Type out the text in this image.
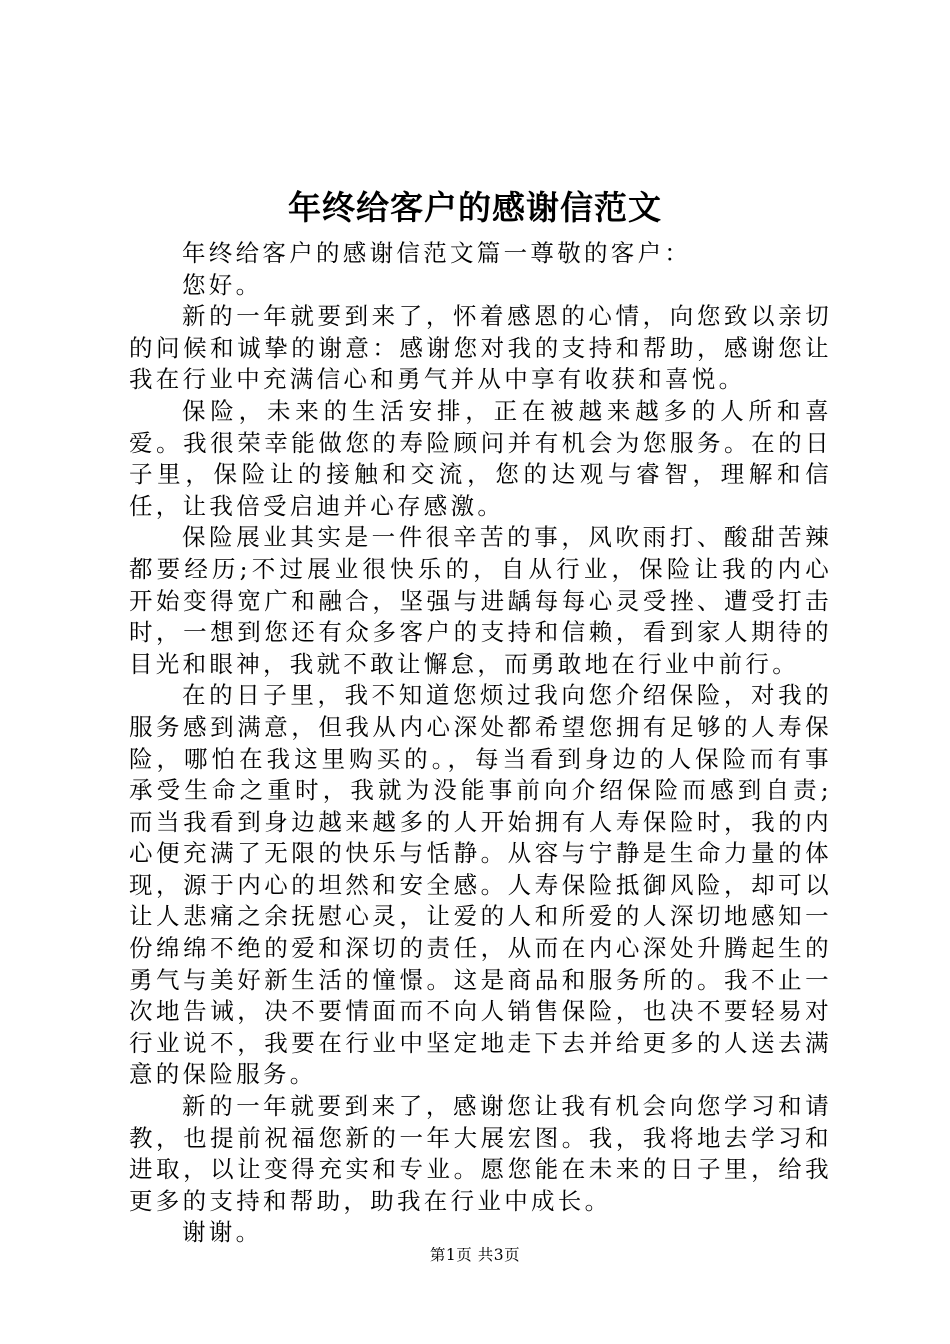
年终给客户的感谢信范文

年终给客户的感谢信范文篇一尊敬的客户：

您好。

新的一年就要到来了，怀着感恩的心情，向您致以亲切的问候和诚挚的谢意：感谢您对我的支持和帮助，感谢您让我在行业中充满信心和勇气并从中享有收获和喜悦。

保险，未来的生活安排，正在被越来越多的人所和喜爱。我很荣幸能做您的寿险顾问并有机会为您服务。在的日子里，保险让的接触和交流，您的达观与睿智，理解和信任，让我倍受启迪并心存感激。

保险展业其实是一件很辛苦的事，风吹雨打、酸甜苦辣都要经历;不过展业很快乐的，自从行业，保险让我的内心开始变得宽广和融合，坚强与进龋每每心灵受挫、遭受打击时，一想到您还有众多客户的支持和信赖，看到家人期待的目光和眼神，我就不敢让懈怠，而勇敢地在行业中前行。

在的日子里，我不知道您烦过我向您介绍保险，对我的服务感到满意，但我从内心深处都希望您拥有足够的人寿保险，哪怕在我这里购买的。，每当看到身边的人保险而有事承受生命之重时，我就为没能事前向介绍保险而感到自责;而当我看到身边越来越多的人开始拥有人寿保险时，我的内心便充满了无限的快乐与恬静。从容与宁静是生命力量的体现，源于内心的坦然和安全感。人寿保险抵御风险，却可以让人悲痛之余抚慰心灵，让爱的人和所爱的人深切地感知一份绵绵不绝的爱和深切的责任，从而在内心深处升腾起生的勇气与美好新生活的憧憬。这是商品和服务所的。我不止一次地告诫，决不要情面而不向人销售保险，也决不要轻易对行业说不，我要在行业中坚定地走下去并给更多的人送去满意的保险服务。

新的一年就要到来了，感谢您让我有机会向您学习和请教，也提前祝福您新的一年大展宏图。我，我将地去学习和进取，以让变得充实和专业。愿您能在未来的日子里，给我更多的支持和帮助，助我在行业中成长。

谢谢。

第1页 共3页
